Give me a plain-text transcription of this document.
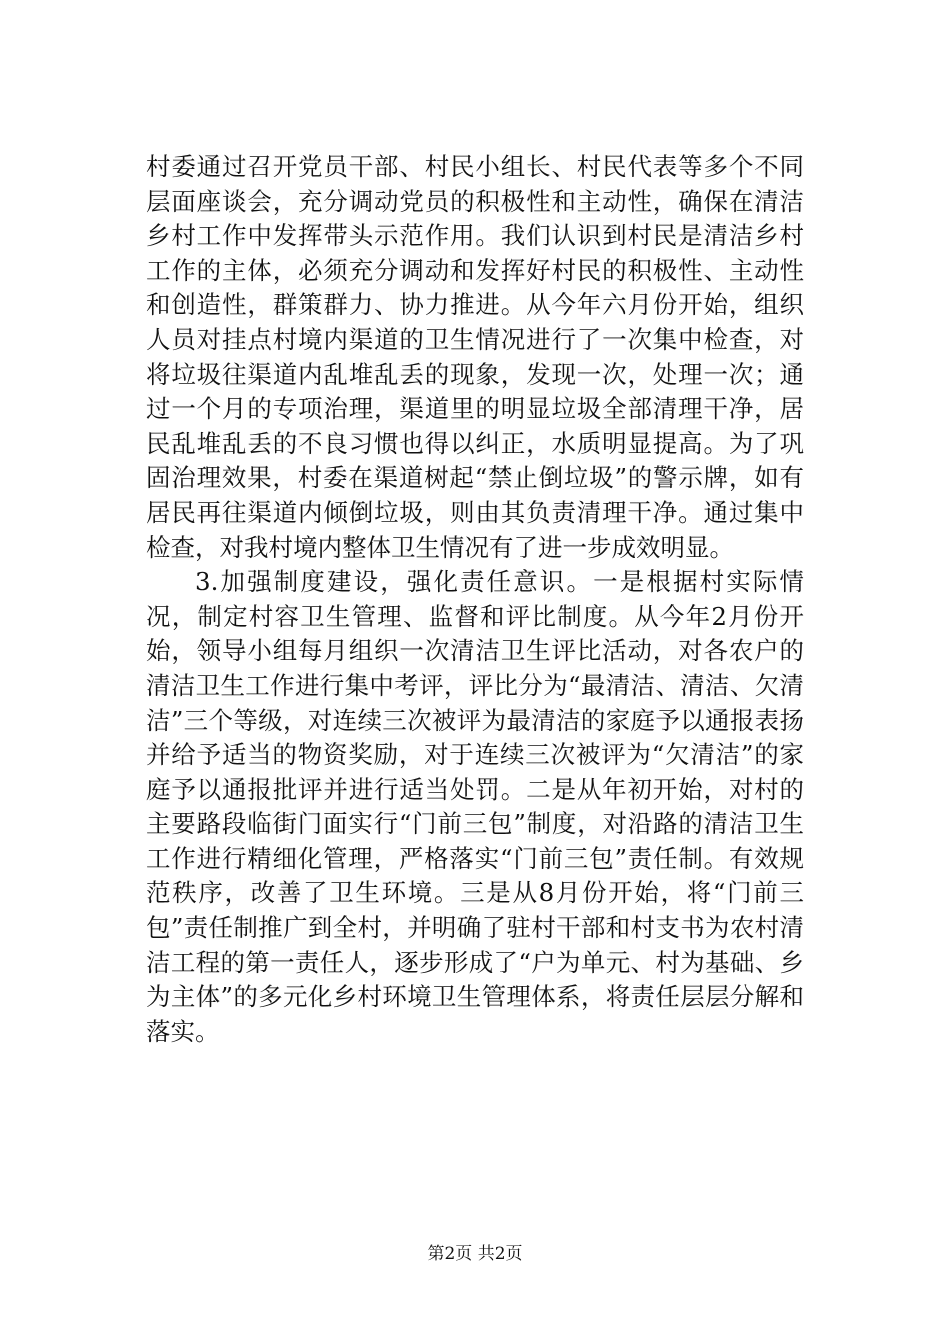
村委通过召开党员干部、村民小组长、村民代表等多个不同层面座谈会，充分调动党员的积极性和主动性，确保在清洁乡村工作中发挥带头示范作用。我们认识到村民是清洁乡村工作的主体，必须充分调动和发挥好村民的积极性、主动性和创造性，群策群力、协力推进。从今年六月份开始，组织人员对挂点村境内渠道的卫生情况进行了一次集中检查，对将垃圾往渠道内乱堆乱丢的现象，发现一次，处理一次；通过一个月的专项治理，渠道里的明显垃圾全部清理干净，居民乱堆乱丢的不良习惯也得以纠正，水质明显提高。为了巩固治理效果，村委在渠道树起“禁止倒垃圾”的警示牌，如有居民再往渠道内倾倒垃圾，则由其负责清理干净。通过集中检查，对我村境内整体卫生情况有了进一步成效明显。

3.加强制度建设，强化责任意识。一是根据村实际情况，制定村容卫生管理、监督和评比制度。从今年2月份开始，领导小组每月组织一次清洁卫生评比活动，对各农户的清洁卫生工作进行集中考评，评比分为“最清洁、清洁、欠清洁”三个等级，对连续三次被评为最清洁的家庭予以通报表扬并给予适当的物资奖励，对于连续三次被评为“欠清洁”的家庭予以通报批评并进行适当处罚。二是从年初开始，对村的主要路段临街门面实行“门前三包”制度，对沿路的清洁卫生工作进行精细化管理，严格落实“门前三包”责任制。有效规范秩序，改善了卫生环境。三是从8月份开始，将“门前三包”责任制推广到全村，并明确了驻村干部和村支书为农村清洁工程的第一责任人，逐步形成了“户为单元、村为基础、乡为主体”的多元化乡村环境卫生管理体系，将责任层层分解和落实。

第2页 共2页
